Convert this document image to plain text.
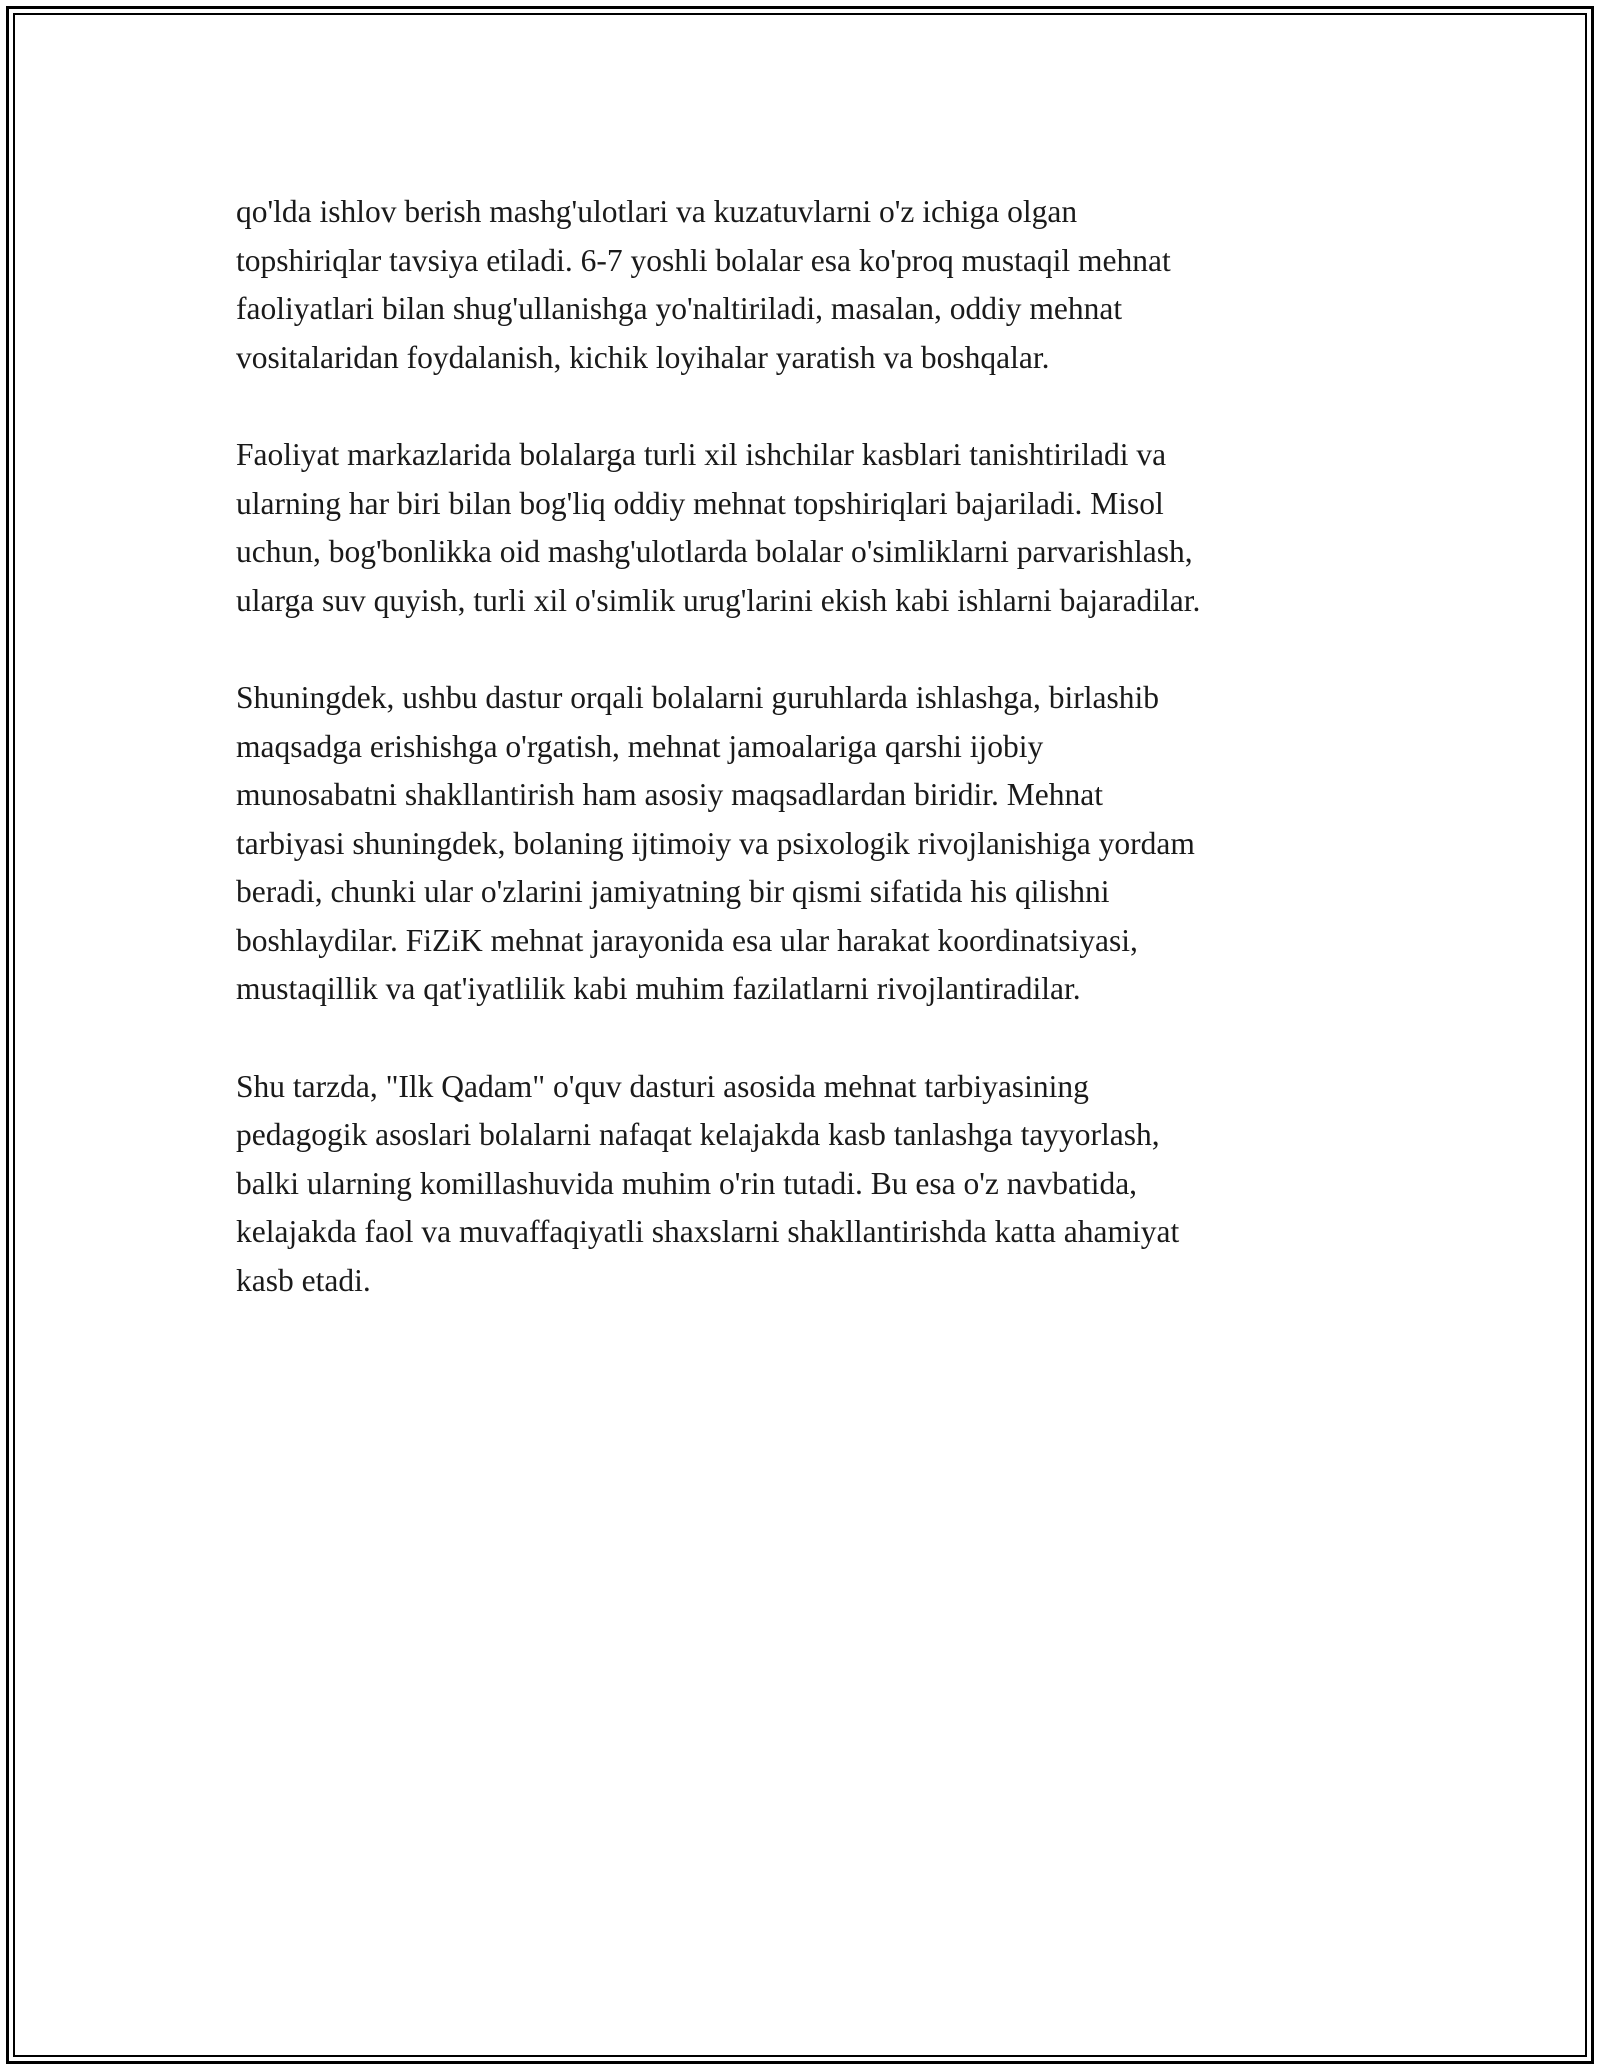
qo'lda ishlov berish mashg'ulotlari va kuzatuvlarni o'z ichiga olgan
topshiriqlar tavsiya etiladi. 6-7 yoshli bolalar esa ko'proq mustaqil mehnat
faoliyatlari bilan shug'ullanishga yo'naltiriladi, masalan, oddiy mehnat
vositalaridan foydalanish, kichik loyihalar yaratish va boshqalar.

Faoliyat markazlarida bolalarga turli xil ishchilar kasblari tanishtiriladi va
ularning har biri bilan bog'liq oddiy mehnat topshiriqlari bajariladi. Misol
uchun, bog'bonlikka oid mashg'ulotlarda bolalar o'simliklarni parvarishlash,
ularga suv quyish, turli xil o'simlik urug'larini ekish kabi ishlarni bajaradilar.

Shuningdek, ushbu dastur orqali bolalarni guruhlarda ishlashga, birlashib
maqsadga erishishga o'rgatish, mehnat jamoalariga qarshi ijobiy
munosabatni shakllantirish ham asosiy maqsadlardan biridir. Mehnat
tarbiyasi shuningdek, bolaning ijtimoiy va psixologik rivojlanishiga yordam
beradi, chunki ular o'zlarini jamiyatning bir qismi sifatida his qilishni
boshlaydilar. FiZiK mehnat jarayonida esa ular harakat koordinatsiyasi,
mustaqillik va qat'iyatlilik kabi muhim fazilatlarni rivojlantiradilar.

Shu tarzda, "Ilk Qadam" o'quv dasturi asosida mehnat tarbiyasining
pedagogik asoslari bolalarni nafaqat kelajakda kasb tanlashga tayyorlash,
balki ularning komillashuvida muhim o'rin tutadi. Bu esa o'z navbatida,
kelajakda faol va muvaffaqiyatli shaxslarni shakllantirishda katta ahamiyat
kasb etadi.
